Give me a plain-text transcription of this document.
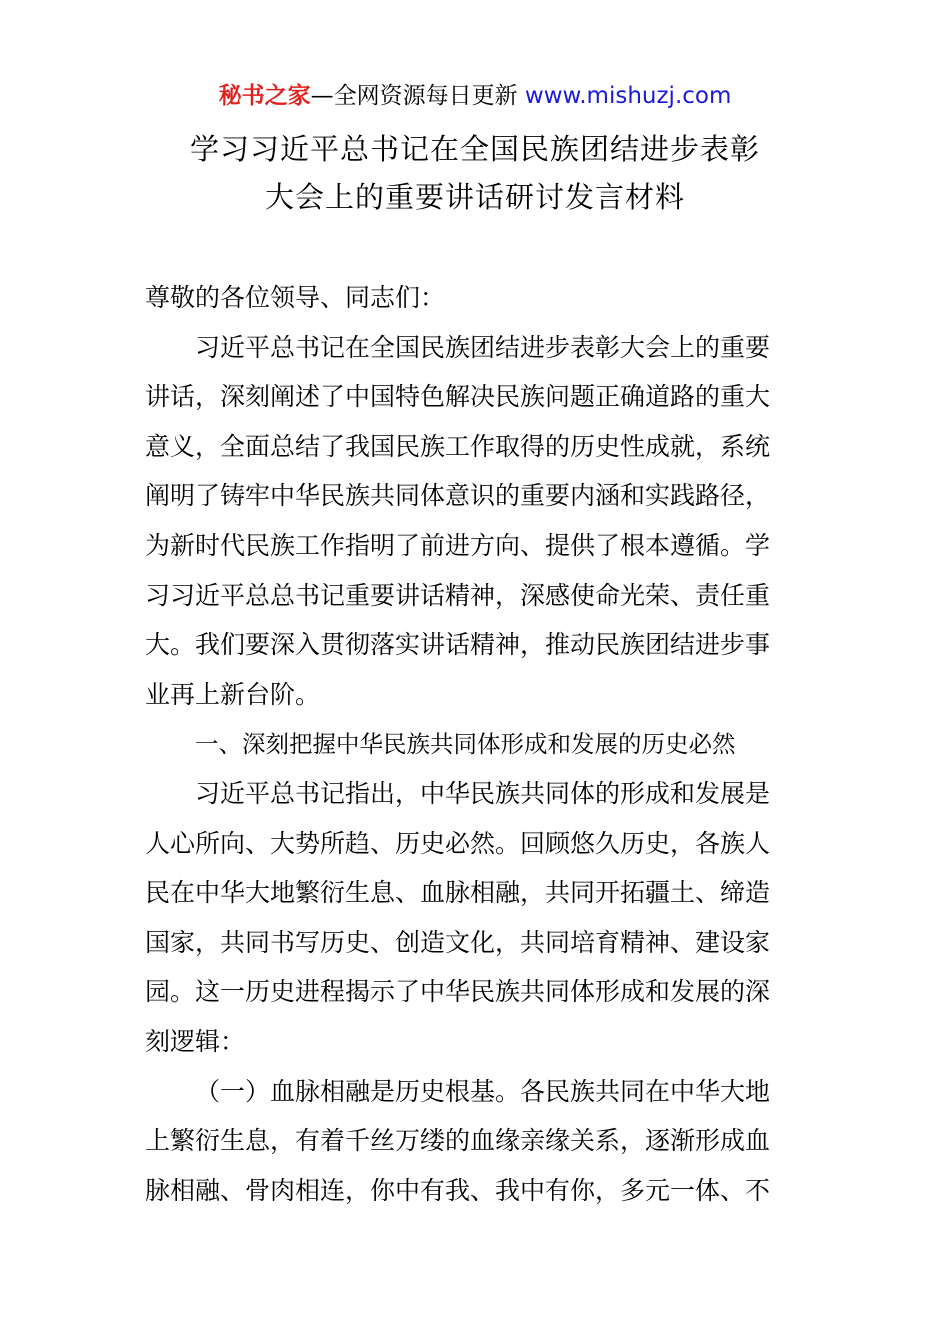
秘书之家—全网资源每日更新 www.mishuzj.com
学习习近平总书记在全国民族团结进步表彰
大会上的重要讲话研讨发言材料
尊敬的各位领导、同志们：
习近平总书记在全国民族团结进步表彰大会上的重要
讲话，深刻阐述了中国特色解决民族问题正确道路的重大
意义，全面总结了我国民族工作取得的历史性成就，系统
阐明了铸牢中华民族共同体意识的重要内涵和实践路径，
为新时代民族工作指明了前进方向、提供了根本遵循。学
习习近平总总书记重要讲话精神，深感使命光荣、责任重
大。我们要深入贯彻落实讲话精神，推动民族团结进步事
业再上新台阶。
一、深刻把握中华民族共同体形成和发展的历史必然
习近平总书记指出，中华民族共同体的形成和发展是
人心所向、大势所趋、历史必然。回顾悠久历史，各族人
民在中华大地繁衍生息、血脉相融，共同开拓疆土、缔造
国家，共同书写历史、创造文化，共同培育精神、建设家
园。这一历史进程揭示了中华民族共同体形成和发展的深
刻逻辑：
（一）血脉相融是历史根基。各民族共同在中华大地
上繁衍生息，有着千丝万缕的血缘亲缘关系，逐渐形成血
脉相融、骨肉相连，你中有我、我中有你，多元一体、不
